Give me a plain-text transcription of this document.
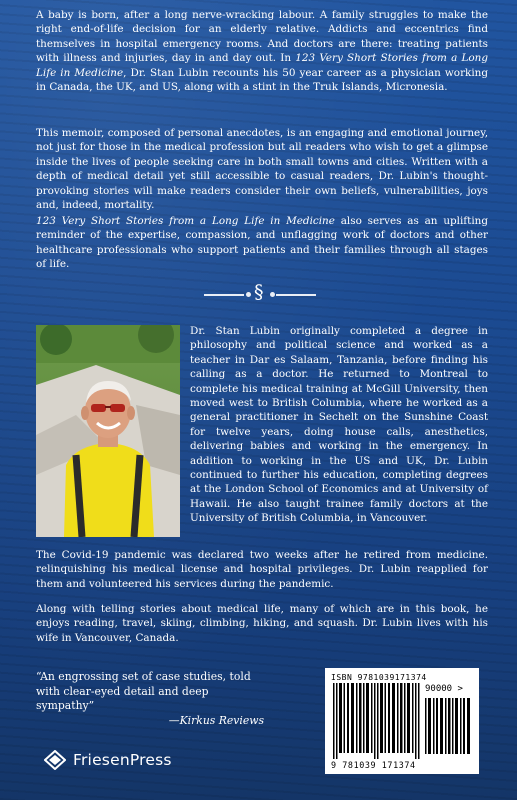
A baby is born, after a long nerve-wracking labour. A family struggles to make the right end-of-life decision for an elderly relative. Addicts and eccentrics find themselves in hospital emergency rooms. And doctors are there: treating patients with illness and injuries, day in and day out. In 123 Very Short Stories from a Long Life in Medicine, Dr. Stan Lubin recounts his 50 year career as a physician working in Canada, the UK, and US, along with a stint in the Truk Islands, Micronesia.

This memoir, composed of personal anecdotes, is an engaging and emotional journey, not just for those in the medical profession but all readers who wish to get a glimpse inside the lives of people seeking care in both small towns and cities. Written with a depth of medical detail yet still accessible to casual readers, Dr. Lubin's thought-provoking stories will make readers consider their own beliefs, vulnerabilities, joys and, indeed, mortality.

123 Very Short Stories from a Long Life in Medicine also serves as an uplifting reminder of the expertise, compassion, and unflagging work of doctors and other healthcare professionals who support patients and their families through all stages of life.

§

Dr. Stan Lubin originally completed a degree in philosophy and political science and worked as a teacher in Dar es Salaam, Tanzania, before finding his calling as a doctor. He returned to Montreal to complete his medical training at McGill University, then moved west to British Columbia, where he worked as a general practitioner in Sechelt on the Sunshine Coast for twelve years, doing house calls, anesthetics, delivering babies and working in the emergency. In addition to working in the US and UK, Dr. Lubin continued to further his education, completing degrees at the London School of Economics and at University of Hawaii. He also taught trainee family doctors at the University of British Columbia, in Vancouver.

The Covid-19 pandemic was declared two weeks after he retired from medicine. relinquishing his medical license and hospital privileges. Dr. Lubin reapplied for them and volunteered his services during the pandemic.

Along with telling stories about medical life, many of which are in this book, he enjoys reading, travel, skiing, climbing, hiking, and squash. Dr. Lubin lives with his wife in Vancouver, Canada.

“An engrossing set of case studies, told with clear-eyed detail and deep sympathy”
—Kirkus Reviews
FriesenPress
ISBN 9781039171374
90000 >
9 781039 171374
